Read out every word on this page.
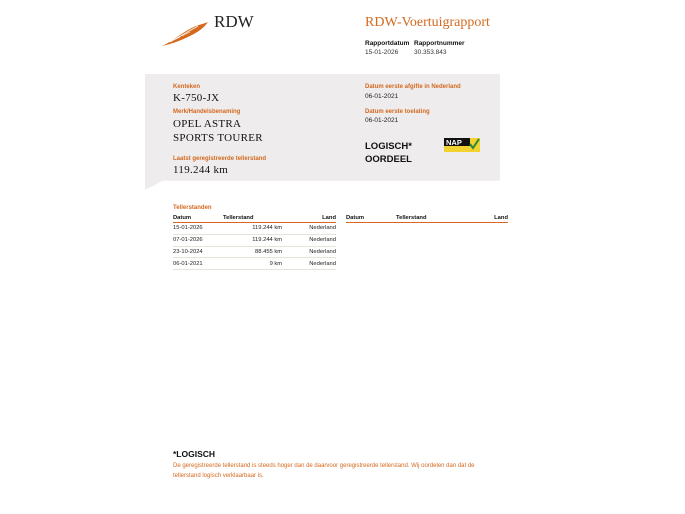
RDW	RDW-Voertuigrapport
Rapportdatum
15-01-2026
Rapportnummer
30.353.843
Kenteken
K-750-JX
Merk/Handelsbenaming
OPEL ASTRA
SPORTS TOURER
Laatst geregistreerde tellerstand
119.244 km
Datum eerste afgifte in Nederland
06-01-2021
Datum eerste toelating
06-01-2021
LOGISCH*
OORDEEL
NAP
Tellerstanden
Datum	Tellerstand	Land
15-01-2026	119.244 km	Nederland
07-01-2026	119.244 km	Nederland
23-10-2024	88.455 km	Nederland
06-01-2021	9 km	Nederland
Datum	Tellerstand	Land
*LOGISCH
De geregistreerde tellerstand is steeds hoger dan de daarvoor geregistreerde tellerstand. Wij oordelen dan dat de tellerstand logisch verklaarbaar is.
